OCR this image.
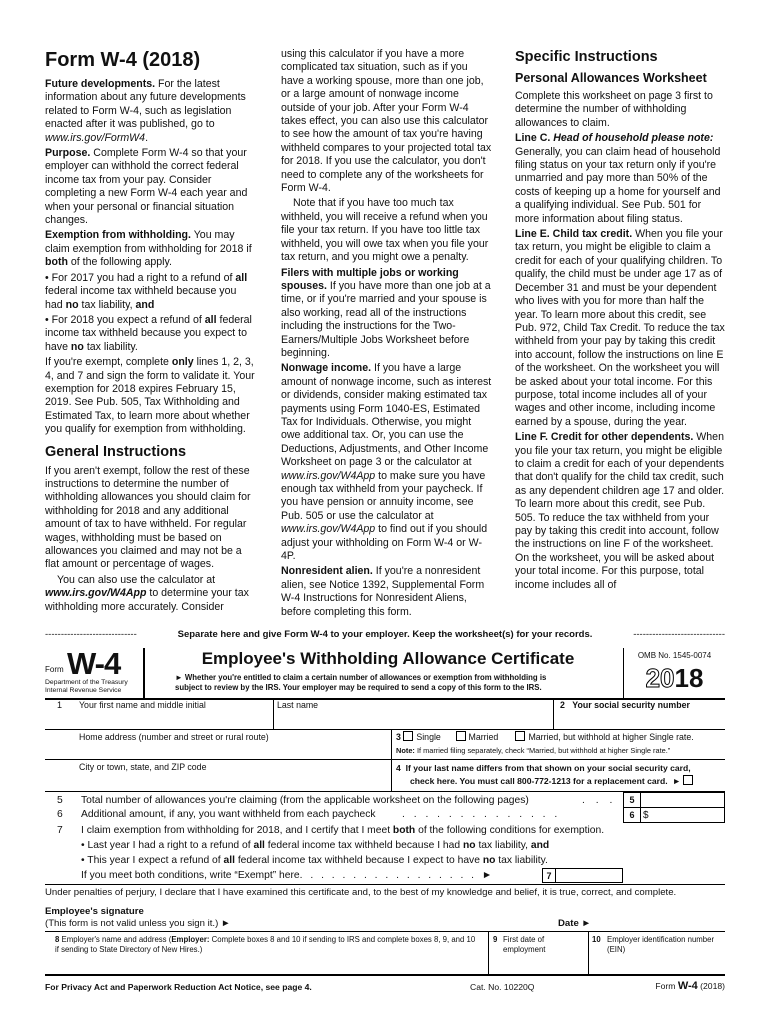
Form W-4 (2018)

Future developments. For the latest information about any future developments related to Form W-4, such as legislation enacted after it was published, go to www.irs.gov/FormW4.

Purpose. Complete Form W-4 so that your employer can withhold the correct federal income tax from your pay. Consider completing a new Form W-4 each year and when your personal or financial situation changes.

Exemption from withholding. You may claim exemption from withholding for 2018 if both of the following apply.

• For 2017 you had a right to a refund of all federal income tax withheld because you had no tax liability, and

• For 2018 you expect a refund of all federal income tax withheld because you expect to have no tax liability.

If you're exempt, complete only lines 1, 2, 3, 4, and 7 and sign the form to validate it. Your exemption for 2018 expires February 15, 2019. See Pub. 505, Tax Withholding and Estimated Tax, to learn more about whether you qualify for exemption from withholding.

General Instructions

If you aren't exempt, follow the rest of these instructions to determine the number of withholding allowances you should claim for withholding for 2018 and any additional amount of tax to have withheld. For regular wages, withholding must be based on allowances you claimed and may not be a flat amount or percentage of wages.

You can also use the calculator at www.irs.gov/W4App to determine your tax withholding more accurately. Consider

using this calculator if you have a more complicated tax situation, such as if you have a working spouse, more than one job, or a large amount of nonwage income outside of your job. After your Form W-4 takes effect, you can also use this calculator to see how the amount of tax you're having withheld compares to your projected total tax for 2018. If you use the calculator, you don't need to complete any of the worksheets for Form W-4.

Note that if you have too much tax withheld, you will receive a refund when you file your tax return. If you have too little tax withheld, you will owe tax when you file your tax return, and you might owe a penalty.

Filers with multiple jobs or working spouses. If you have more than one job at a time, or if you're married and your spouse is also working, read all of the instructions including the instructions for the Two-Earners/Multiple Jobs Worksheet before beginning.

Nonwage income. If you have a large amount of nonwage income, such as interest or dividends, consider making estimated tax payments using Form 1040-ES, Estimated Tax for Individuals. Otherwise, you might owe additional tax. Or, you can use the Deductions, Adjustments, and Other Income Worksheet on page 3 or the calculator at www.irs.gov/W4App to make sure you have enough tax withheld from your paycheck. If you have pension or annuity income, see Pub. 505 or use the calculator at www.irs.gov/W4App to find out if you should adjust your withholding on Form W-4 or W-4P.

Nonresident alien. If you're a nonresident alien, see Notice 1392, Supplemental Form W-4 Instructions for Nonresident Aliens, before completing this form.

Specific Instructions
Personal Allowances Worksheet

Complete this worksheet on page 3 first to determine the number of withholding allowances to claim.

Line C. Head of household please note: Generally, you can claim head of household filing status on your tax return only if you're unmarried and pay more than 50% of the costs of keeping up a home for yourself and a qualifying individual. See Pub. 501 for more information about filing status.

Line E. Child tax credit. When you file your tax return, you might be eligible to claim a credit for each of your qualifying children. To qualify, the child must be under age 17 as of December 31 and must be your dependent who lives with you for more than half the year. To learn more about this credit, see Pub. 972, Child Tax Credit. To reduce the tax withheld from your pay by taking this credit into account, follow the instructions on line E of the worksheet. On the worksheet you will be asked about your total income. For this purpose, total income includes all of your wages and other income, including income earned by a spouse, during the year.

Line F. Credit for other dependents. When you file your tax return, you might be eligible to claim a credit for each of your dependents that don't qualify for the child tax credit, such as any dependent children age 17 and older. To learn more about this credit, see Pub. 505. To reduce the tax withheld from your pay by taking this credit into account, follow the instructions on line F of the worksheet. On the worksheet, you will be asked about your total income. For this purpose, total income includes all of

-----------------------------	Separate here and give Form W-4 to your employer. Keep the worksheet(s) for your records.	-----------------------------
Form W-4
Department of the Treasury
Internal Revenue Service
Employee's Withholding Allowance Certificate
► Whether you're entitled to claim a certain number of allowances or exemption from withholding is
subject to review by the IRS. Your employer may be required to send a copy of this form to the IRS.
OMB No. 1545-0074
2018
1 Your first name and middle initial	Last name	2 Your social security number
Home address (number and street or rural route)	3 Single	Married	Married, but withhold at higher Single rate.
Note: If married filing separately, check “Married, but withhold at higher Single rate.”
City or town, state, and ZIP code	4 If your last name differs from that shown on your social security card,
check here. You must call 800-772-1213 for a replacement card. ►
5 Total number of allowances you're claiming (from the applicable worksheet on the following pages)	. . .
6 Additional amount, if any, you want withheld from each paycheck	. . . . . . . . . . . . . .
7 I claim exemption from withholding for 2018, and I certify that I meet both of the following conditions for exemption.
• Last year I had a right to a refund of all federal income tax withheld because I had no tax liability, and
• This year I expect a refund of all federal income tax withheld because I expect to have no tax liability.
If you meet both conditions, write “Exempt” here. . . . . . . . . . . . . . . . . ►
5
6 $
7
Under penalties of perjury, I declare that I have examined this certificate and, to the best of my knowledge and belief, it is true, correct, and complete.
Employee's signature
(This form is not valid unless you sign it.) ►	Date ►
8 Employer's name and address (Employer: Complete boxes 8 and 10 if sending to IRS and complete boxes 8, 9, and 10 if sending to State Directory of New Hires.)
9 First date of employment
10 Employer identification number (EIN)
For Privacy Act and Paperwork Reduction Act Notice, see page 4.	Cat. No. 10220Q	Form W-4 (2018)
